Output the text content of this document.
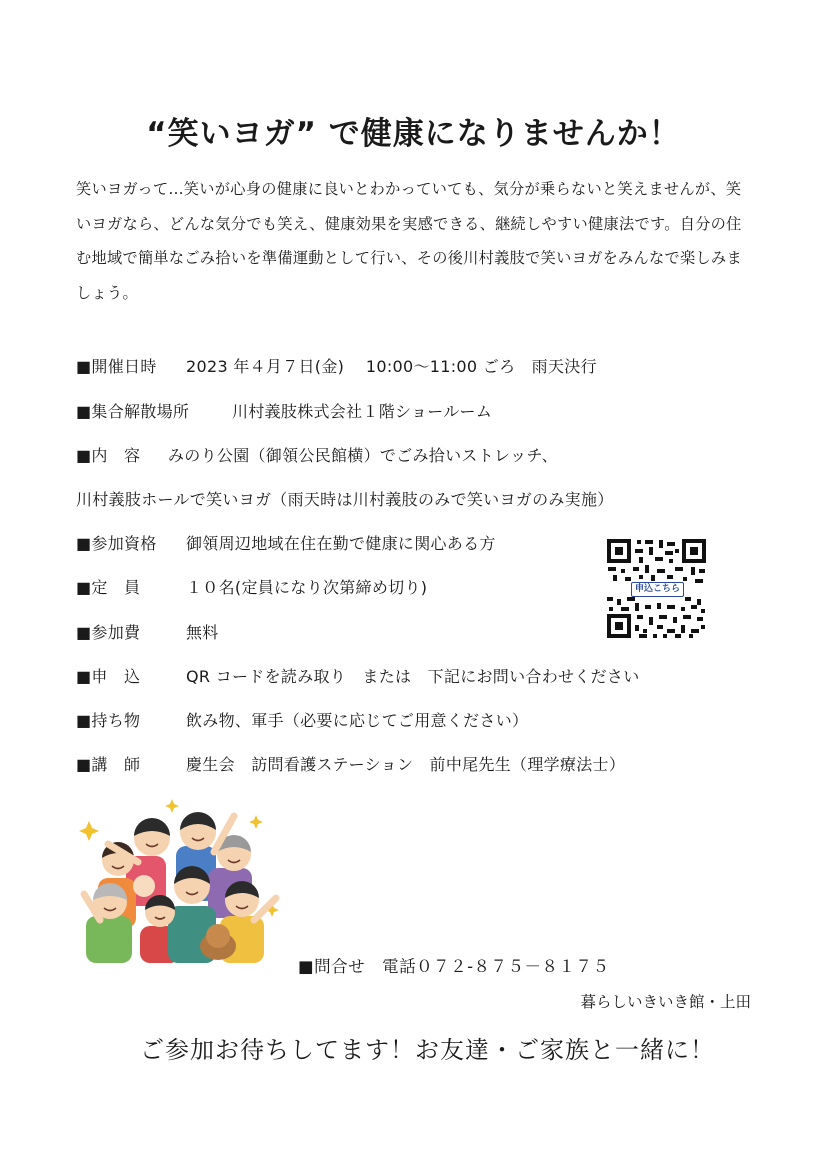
“笑いヨガ” で健康になりませんか！
笑いヨガって…笑いが心身の健康に良いとわかっていても、気分が乗らないと笑えませんが、笑いヨガなら、どんな気分でも笑え、健康効果を実感できる、継続しやすい健康法です。自分の住む地域で簡単なごみ拾いを準備運動として行い、その後川村義肢で笑いヨガをみんなで楽しみましょう。
■開催日時 2023 年４月７日(金)　 10:00～11:00 ごろ　雨天決行
■集合解散場所	川村義肢株式会社１階ショールーム
■内　容 みのり公園（御領公民館横）でごみ拾いストレッチ、
川村義肢ホールで笑いヨガ（雨天時は川村義肢のみで笑いヨガのみ実施）
■参加資格 御領周辺地域在住在勤で健康に関心ある方
■定　員	１０名(定員になり次第締め切り)
■参加費	無料
■申　込	QR コードを読み取り　または　下記にお問い合わせください
■持ち物	飲み物、軍手（必要に応じてご用意ください）
■講　師	慶生会　訪問看護ステーション　前中尾先生（理学療法士）
申込こちら
■問合せ　電話０７２-８７５－８１７５
暮らしいきいき館・上田
ご参加お待ちしてます！お友達・ご家族と一緒に！
